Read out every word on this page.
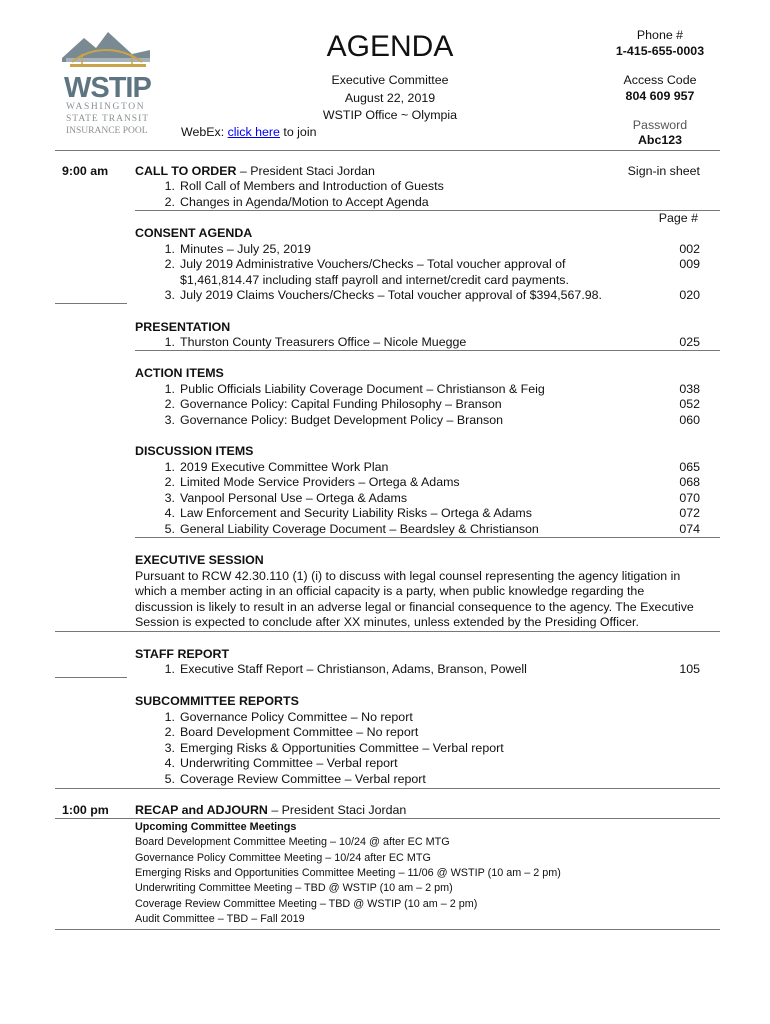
WSTIP
WASHINGTON
STATE TRANSIT
INSURANCE POOL
AGENDA
Executive Committee
August 22, 2019
WSTIP Office ~ Olympia
WebEx: click here to join
Phone #
1-415-655-0003
Access Code
804 609 957
Password
Abc123
9:00 am CALL TO ORDER – President Staci Jordan	Sign-in sheet
1. Roll Call of Members and Introduction of Guests
2. Changes in Agenda/Motion to Accept Agenda
Page #
CONSENT AGENDA
1. Minutes – July 25, 2019	002
2. July 2019 Administrative Vouchers/Checks – Total voucher approval of	009
$1,461,814.47 including staff payroll and internet/credit card payments.
3. July 2019 Claims Vouchers/Checks – Total voucher approval of $394,567.98.	020
PRESENTATION
1. Thurston County Treasurers Office – Nicole Muegge	025
ACTION ITEMS
1. Public Officials Liability Coverage Document – Christianson & Feig	038
2. Governance Policy: Capital Funding Philosophy – Branson	052
3. Governance Policy: Budget Development Policy – Branson	060
DISCUSSION ITEMS
1. 2019 Executive Committee Work Plan	065
2. Limited Mode Service Providers – Ortega & Adams	068
3. Vanpool Personal Use – Ortega & Adams	070
4. Law Enforcement and Security Liability Risks – Ortega & Adams	072
5. General Liability Coverage Document – Beardsley & Christianson	074
EXECUTIVE SESSION
Pursuant to RCW 42.30.110 (1) (i) to discuss with legal counsel representing the agency litigation in
which a member acting in an official capacity is a party, when public knowledge regarding the
discussion is likely to result in an adverse legal or financial consequence to the agency. The Executive
Session is expected to conclude after XX minutes, unless extended by the Presiding Officer.
STAFF REPORT
1. Executive Staff Report – Christianson, Adams, Branson, Powell	105
SUBCOMMITTEE REPORTS
1. Governance Policy Committee – No report
2. Board Development Committee – No report
3. Emerging Risks & Opportunities Committee – Verbal report
4. Underwriting Committee – Verbal report
5. Coverage Review Committee – Verbal report
1:00 pm RECAP and ADJOURN – President Staci Jordan
Upcoming Committee Meetings
Board Development Committee Meeting – 10/24 @ after EC MTG
Governance Policy Committee Meeting – 10/24 after EC MTG
Emerging Risks and Opportunities Committee Meeting – 11/06 @ WSTIP (10 am – 2 pm)
Underwriting Committee Meeting – TBD @ WSTIP (10 am – 2 pm)
Coverage Review Committee Meeting – TBD @ WSTIP (10 am – 2 pm)
Audit Committee – TBD – Fall 2019
